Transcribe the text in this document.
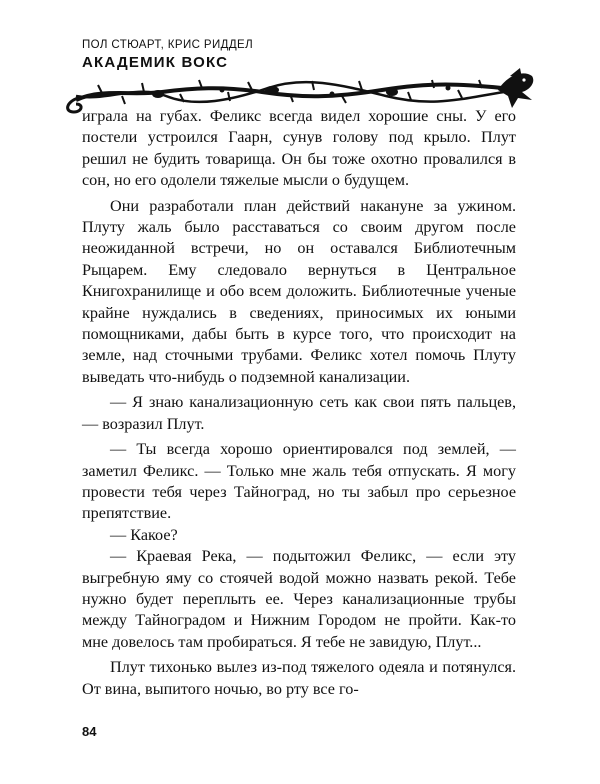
ПОЛ СТЮАРТ, КРИС РИДДЕЛ
АКАДЕМИК ВОКС

играла на губах. Феликс всегда видел хорошие сны. У его постели устроился Гаарн, сунув голову под крыло. Плут решил не будить товарища. Он бы тоже охотно провалился в сон, но его одолели тяжелые мысли о будущем.

Они разработали план действий накануне за ужином. Плуту жаль было расставаться со своим другом после неожиданной встречи, но он оставался Библиотечным Рыцарем. Ему следовало вернуться в Центральное Книгохранилище и обо всем доложить. Библиотечные ученые крайне нуждались в сведениях, приносимых их юными помощниками, дабы быть в курсе того, что происходит на земле, над сточными трубами. Феликс хотел помочь Плуту выведать что-нибудь о подземной канализации.

— Я знаю канализационную сеть как свои пять пальцев, — возразил Плут.

— Ты всегда хорошо ориентировался под землей, — заметил Феликс. — Только мне жаль тебя отпускать. Я могу провести тебя через Тайноград, но ты забыл про серьезное препятствие.

— Какое?

— Краевая Река, — подытожил Феликс, — если эту выгребную яму со стоячей водой можно назвать рекой. Тебе нужно будет переплыть ее. Через канализационные трубы между Тайноградом и Нижним Городом не пройти. Как-то мне довелось там пробираться. Я тебе не завидую, Плут...

Плут тихонько вылез из-под тяжелого одеяла и потянулся. От вина, выпитого ночью, во рту все го-

84
